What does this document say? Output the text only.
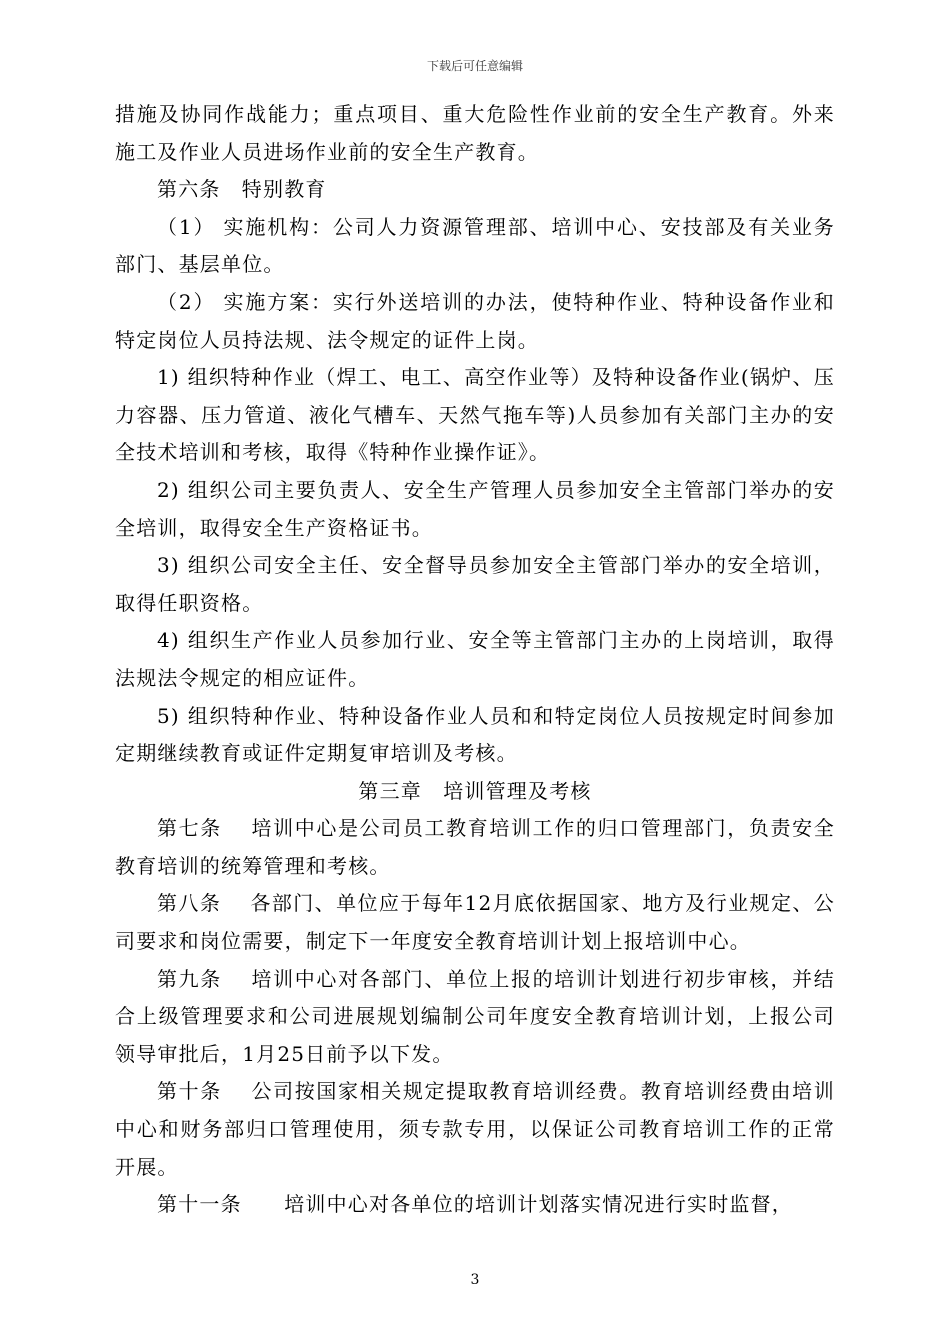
下载后可任意编辑

措施及协同作战能力；重点项目、重大危险性作业前的安全生产教育。外来施工及作业人员进场作业前的安全生产教育。

第六条　特别教育

（1） 实施机构：公司人力资源管理部、培训中心、安技部及有关业务部门、基层单位。

（2） 实施方案：实行外送培训的办法，使特种作业、特种设备作业和特定岗位人员持法规、法令规定的证件上岗。

1) 组织特种作业（焊工、电工、高空作业等）及特种设备作业(锅炉、压力容器、压力管道、液化气槽车、天然气拖车等)人员参加有关部门主办的安全技术培训和考核，取得《特种作业操作证》。

2) 组织公司主要负责人、安全生产管理人员参加安全主管部门举办的安全培训，取得安全生产资格证书。

3) 组织公司安全主任、安全督导员参加安全主管部门举办的安全培训，取得任职资格。

4) 组织生产作业人员参加行业、安全等主管部门主办的上岗培训，取得法规法令规定的相应证件。

5) 组织特种作业、特种设备作业人员和和特定岗位人员按规定时间参加定期继续教育或证件定期复审培训及考核。

第三章　培训管理及考核

第七条　 培训中心是公司员工教育培训工作的归口管理部门，负责安全教育培训的统筹管理和考核。

第八条　 各部门、单位应于每年12月底依据国家、地方及行业规定、公司要求和岗位需要，制定下一年度安全教育培训计划上报培训中心。

第九条　 培训中心对各部门、单位上报的培训计划进行初步审核，并结合上级管理要求和公司进展规划编制公司年度安全教育培训计划，上报公司领导审批后，1月25日前予以下发。

第十条　 公司按国家相关规定提取教育培训经费。教育培训经费由培训中心和财务部归口管理使用，须专款专用，以保证公司教育培训工作的正常开展。

第十一条　　培训中心对各单位的培训计划落实情况进行实时监督，

3
